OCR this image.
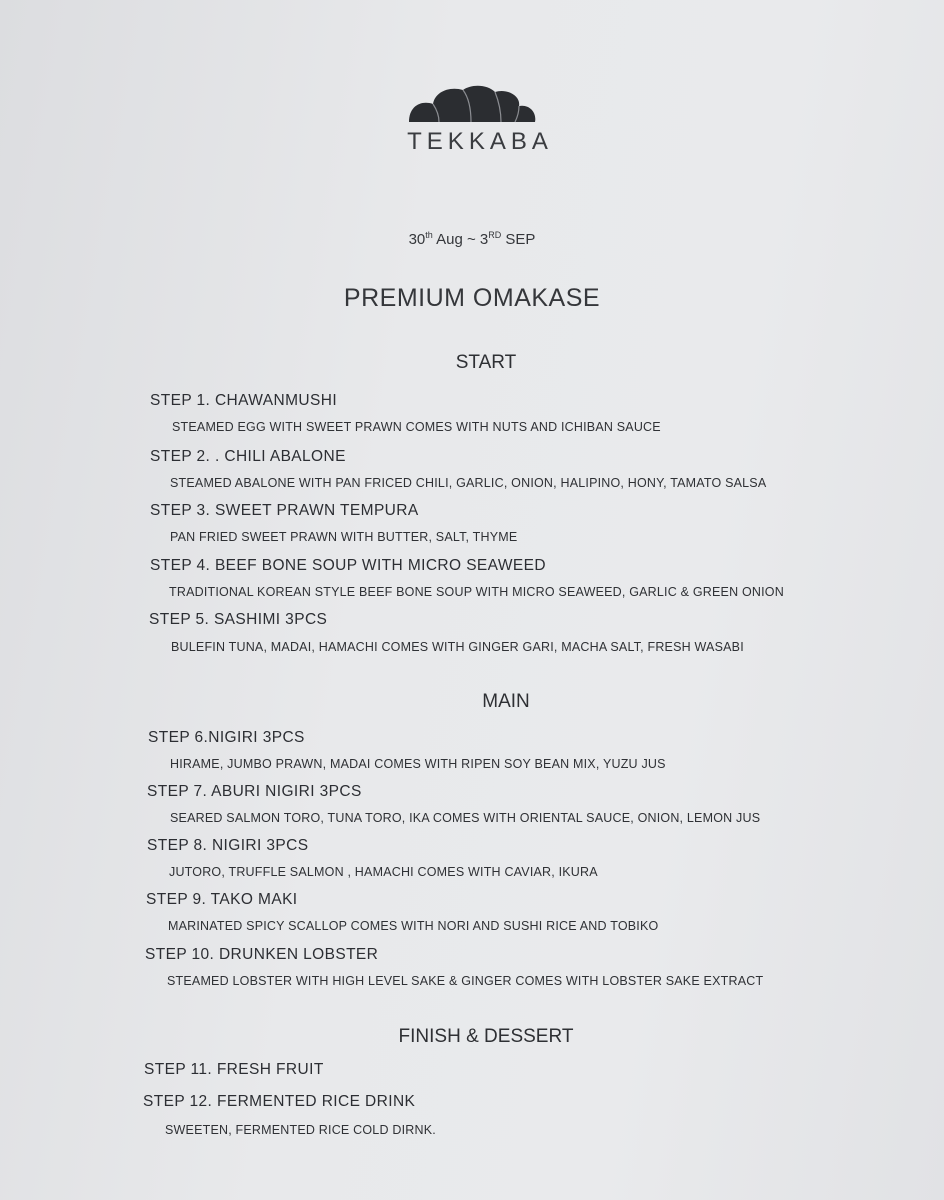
TEKKABA
30th Aug ~ 3RD SEP
PREMIUM OMAKASE
START
STEP 1. CHAWANMUSHI
STEAMED EGG WITH SWEET PRAWN COMES WITH NUTS AND ICHIBAN SAUCE
STEP 2. . CHILI ABALONE
STEAMED ABALONE WITH PAN FRICED CHILI, GARLIC, ONION, HALIPINO, HONY, TAMATO SALSA
STEP 3. SWEET PRAWN TEMPURA
PAN FRIED SWEET PRAWN WITH BUTTER, SALT, THYME
STEP 4. BEEF BONE SOUP WITH MICRO SEAWEED
TRADITIONAL KOREAN STYLE BEEF BONE SOUP WITH MICRO SEAWEED, GARLIC & GREEN ONION
STEP 5. SASHIMI 3PCS
BULEFIN TUNA, MADAI, HAMACHI COMES WITH GINGER GARI, MACHA SALT, FRESH WASABI
MAIN
STEP 6.NIGIRI 3PCS
HIRAME, JUMBO PRAWN, MADAI COMES WITH RIPEN SOY BEAN MIX, YUZU JUS
STEP 7. ABURI NIGIRI 3PCS
SEARED SALMON TORO, TUNA TORO, IKA COMES WITH ORIENTAL SAUCE, ONION, LEMON JUS
STEP 8. NIGIRI 3PCS
JUTORO, TRUFFLE SALMON , HAMACHI COMES WITH CAVIAR, IKURA
STEP 9. TAKO MAKI
MARINATED SPICY SCALLOP COMES WITH NORI AND SUSHI RICE AND TOBIKO
STEP 10. DRUNKEN LOBSTER
STEAMED LOBSTER WITH HIGH LEVEL SAKE & GINGER COMES WITH LOBSTER SAKE EXTRACT
FINISH & DESSERT
STEP 11. FRESH FRUIT
STEP 12. FERMENTED RICE DRINK
SWEETEN, FERMENTED RICE COLD DIRNK.
